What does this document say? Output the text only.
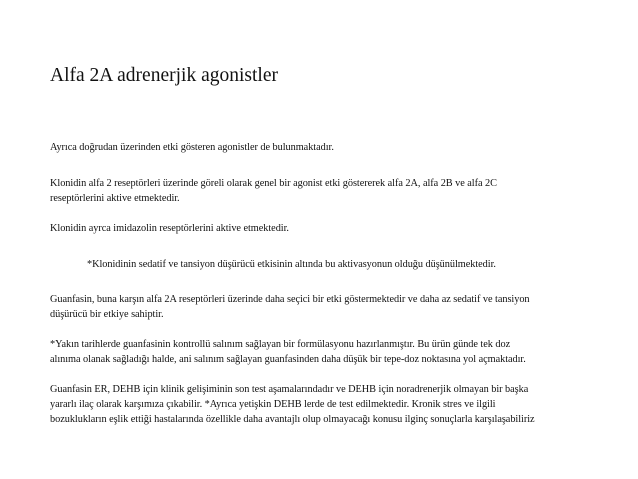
Alfa 2A adrenerjik agonistler
Ayrıca doğrudan üzerinden etki gösteren agonistler de bulunmaktadır.
Klonidin alfa 2 reseptörleri üzerinde göreli olarak genel bir agonist etki göstererek alfa 2A, alfa 2B ve alfa 2C
reseptörlerini aktive etmektedir.
Klonidin ayrca imidazolin reseptörlerini aktive etmektedir.
*Klonidinin sedatif ve tansiyon düşürücü etkisinin altında bu aktivasyonun olduğu düşünülmektedir.
Guanfasin, buna karşın alfa 2A reseptörleri üzerinde daha seçici bir etki göstermektedir ve daha az sedatif ve tansiyon
düşürücü bir etkiye sahiptir.
*Yakın tarihlerde guanfasinin kontrollü salınım sağlayan bir formülasyonu hazırlanmıştır. Bu ürün günde tek doz
alınıma olanak sağladığı halde, ani salınım sağlayan guanfasinden daha düşük bir tepe-doz noktasına yol açmaktadır.
Guanfasin ER, DEHB için klinik gelişiminin son test aşamalarındadır ve DEHB için noradrenerjik olmayan bir başka
yararlı ilaç olarak karşımıza çıkabilir. *Ayrıca yetişkin DEHB lerde de test edilmektedir. Kronik stres ve ilgili
bozuklukların eşlik ettiği hastalarında özellikle daha avantajlı olup olmayacağı konusu ilginç sonuçlarla karşılaşabiliriz
